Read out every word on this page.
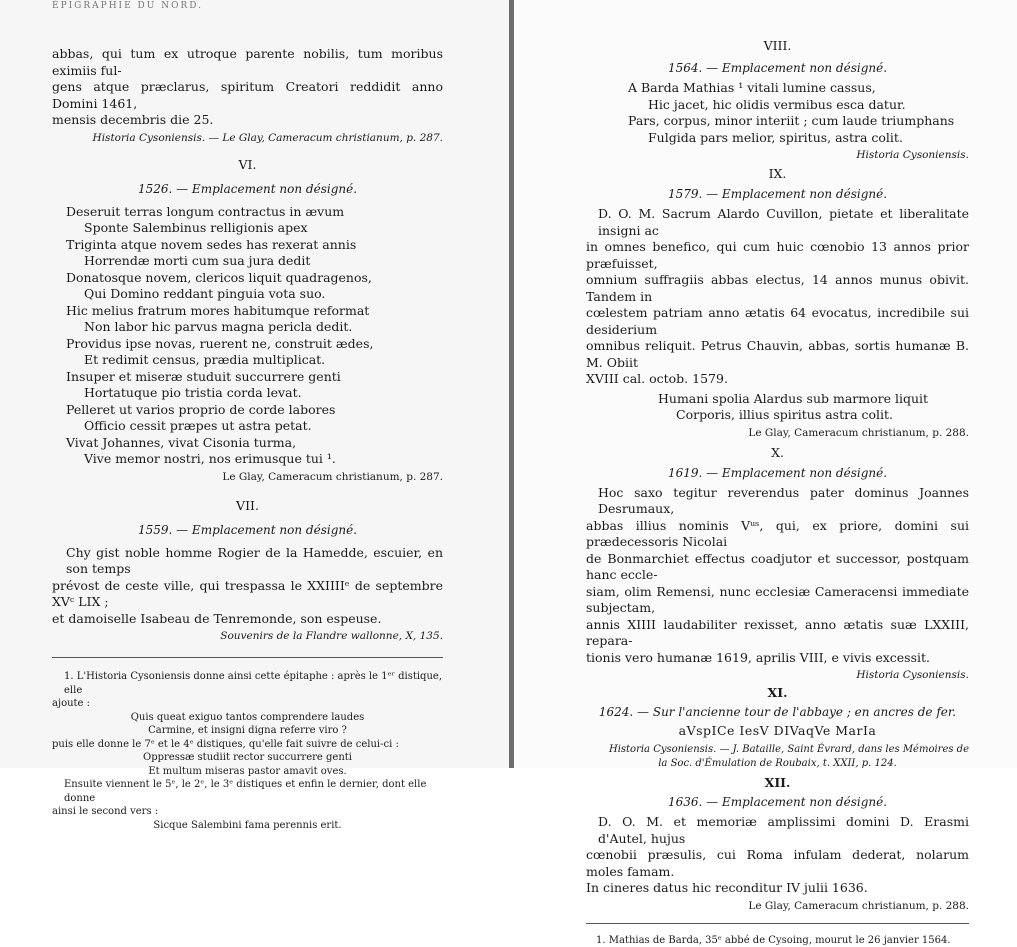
ÉPIGRAPHIE DU NORD.
abbas, qui tum ex utroque parente nobilis, tum moribus eximiis ful-
gens atque præclarus, spiritum Creatori reddidit anno Domini 1461,
mensis decembris die 25.
Historia Cysoniensis. — Le Glay, Cameracum christianum, p. 287.
VI.
1526. — Emplacement non désigné.
Deseruit terras longum contractus in ævum
Sponte Salembinus relligionis apex
Triginta atque novem sedes has rexerat annis
Horrendæ morti cum sua jura dedit
Donatosque novem, clericos liquit quadragenos,
Qui Domino reddant pinguia vota suo.
Hic melius fratrum mores habitumque reformat
Non labor hic parvus magna pericla dedit.
Providus ipse novas, ruerent ne, construit ædes,
Et redimit census, prædia multiplicat.
Insuper et miseræ studuit succurrere genti
Hortatuque pio tristia corda levat.
Pelleret ut varios proprio de corde labores
Officio cessit præpes ut astra petat.
Vivat Johannes, vivat Cisonia turma,
Vive memor nostri, nos erimusque tui ¹.
Le Glay, Cameracum christianum, p. 287.
VII.
1559. — Emplacement non désigné.
Chy gist noble homme Rogier de la Hamedde, escuier, en son temps
prévost de ceste ville, qui trespassa le XXIIIIᵉ de septembre XVᶜ LIX ;
et damoiselle Isabeau de Tenremonde, son espeuse.
Souvenirs de la Flandre wallonne, X, 135.
1. L'Historia Cysoniensis donne ainsi cette épitaphe : après le 1ᵉʳ distique, elle
ajoute :
Quis queat exiguo tantos comprendere laudes
Carmine, et insigni digna referre viro ?
puis elle donne le 7ᵉ et le 4ᵉ distiques, qu'elle fait suivre de celui-ci :
Oppressæ studiit rector succurrere genti
Et multum miseras pastor amavit oves.
Ensuite viennent le 5ᵉ, le 2ᵉ, le 3ᵉ distiques et enfin le dernier, dont elle donne
ainsi le second vers :
Sicque Salembini fama perennis erit.
VIII.
1564. — Emplacement non désigné.
A Barda Mathias ¹ vitali lumine cassus,
Hic jacet, hic olidis vermibus esca datur.
Pars, corpus, minor interiit ; cum laude triumphans
Fulgida pars melior, spiritus, astra colit.
Historia Cysoniensis.
IX.
1579. — Emplacement non désigné.
D. O. M. Sacrum Alardo Cuvillon, pietate et liberalitate insigni ac
in omnes benefico, qui cum huic cœnobio 13 annos prior præfuisset,
omnium suffragiis abbas electus, 14 annos munus obivit. Tandem in
cœlestem patriam anno ætatis 64 evocatus, incredibile sui desiderium
omnibus reliquit. Petrus Chauvin, abbas, sortis humanæ B. M. Obiit
XVIII cal. octob. 1579.
Humani spolia Alardus sub marmore liquit
Corporis, illius spiritus astra colit.
Le Glay, Cameracum christianum, p. 288.
X.
1619. — Emplacement non désigné.
Hoc saxo tegitur reverendus pater dominus Joannes Desrumaux,
abbas illius nominis Vᵘˢ, qui, ex priore, domini sui prædecessoris Nicolai
de Bonmarchiet effectus coadjutor et successor, postquam hanc eccle-
siam, olim Remensi, nunc ecclesiæ Cameracensi immediate subjectam,
annis XIIII laudabiliter rexisset, anno ætatis suæ LXXIII, repara-
tionis vero humanæ 1619, aprilis VIII, e vivis excessit.
Historia Cysoniensis.
XI.
1624. — Sur l'ancienne tour de l'abbaye ; en ancres de fer.
aVspICe IesV DIVaqVe MarIa
Historia Cysoniensis. — J. Bataille, Saint Évrard, dans les Mémoires de
la Soc. d'Émulation de Roubaix, t. XXII, p. 124.
XII.
1636. — Emplacement non désigné.
D. O. M. et memoriæ amplissimi domini D. Erasmi d'Autel, hujus
cœnobii præsulis, cui Roma infulam dederat, nolarum moles famam.
In cineres datus hic reconditur IV julii 1636.
Le Glay, Cameracum christianum, p. 288.
1. Mathias de Barda, 35ᵉ abbé de Cysoing, mourut le 26 janvier 1564.
